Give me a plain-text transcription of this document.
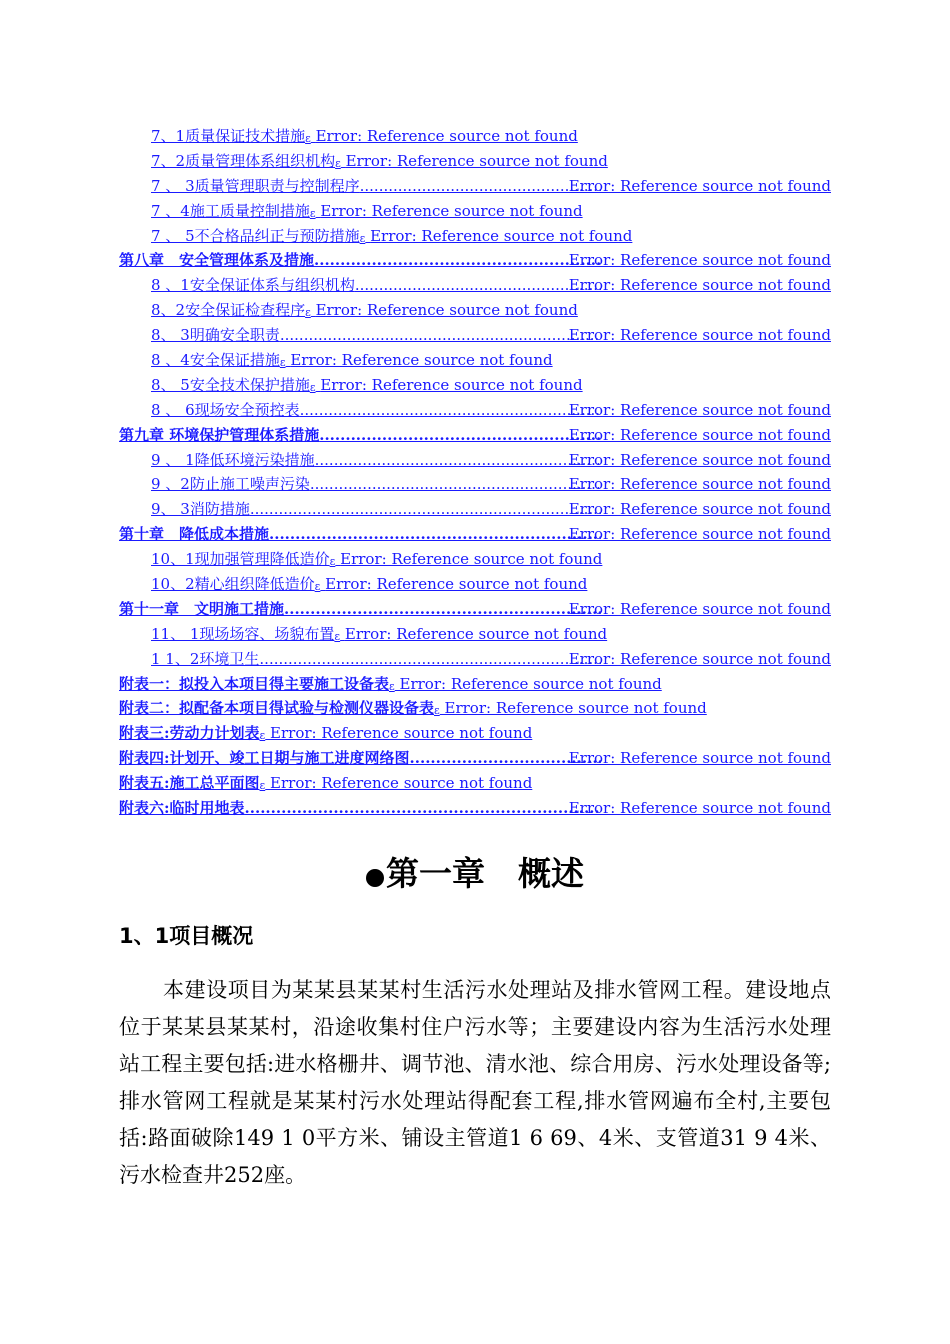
7、1质量保证技术措施ε Error: Reference source not found
7、2质量管理体系组织机构ε Error: Reference source not found
7 、 3质量管理职责与控制程序 .....	Error: Reference source not found
7 、4施工质量控制措施ε Error: Reference source not found
7 、 5不合格品纠正与预防措施ε Error: Reference source not found
第八章　安全管理体系及措施 .....	Error: Reference source not found
8 、1安全保证体系与组织机构 .....	Error: Reference source not found
8、2安全保证检查程序ε Error: Reference source not found
8、 3明确安全职责 .....	Error: Reference source not found
8 、4安全保证措施ε Error: Reference source not found
8、 5安全技术保护措施ε Error: Reference source not found
8 、 6现场安全预控表 .....	Error: Reference source not found
第九章 环境保护管理体系措施 .....	Error: Reference source not found
9 、 1降低环境污染措施 .....	Error: Reference source not found
9 、2防止施工噪声污染 .....	Error: Reference source not found
9、 3消防措施 .....	Error: Reference source not found
第十章　降低成本措施 .....	Error: Reference source not found
10、1现加强管理降低造价ε Error: Reference source not found
10、2精心组织降低造价ε Error: Reference source not found
第十一章　文明施工措施 .....	Error: Reference source not found
11、 1现场场容、场貌布置ε Error: Reference source not found
1 1、2环境卫生 .....	Error: Reference source not found
附表一：拟投入本项目得主要施工设备表ε Error: Reference source not found
附表二：拟配备本项目得试验与检测仪器设备表ε Error: Reference source not found
附表三:劳动力计划表ε Error: Reference source not found
附表四:计划开、竣工日期与施工进度网络图 .....	Error: Reference source not found
附表五:施工总平面图ε Error: Reference source not found
附表六:临时用地表 .....	Error: Reference source not found
第一章　概述
1、1项目概况

本建设项目为某某县某某村生活污水处理站及排水管网工程。建设地点位于某某县某某村，沿途收集村住户污水等；主要建设内容为生活污水处理站工程主要包括:进水格栅井、调节池、清水池、综合用房、污水处理设备等;排水管网工程就是某某村污水处理站得配套工程,排水管网遍布全村,主要包括:路面破除149 1 0平方米、铺设主管道1 6 69、4米、支管道31 9 4米、污水检查井252座。
